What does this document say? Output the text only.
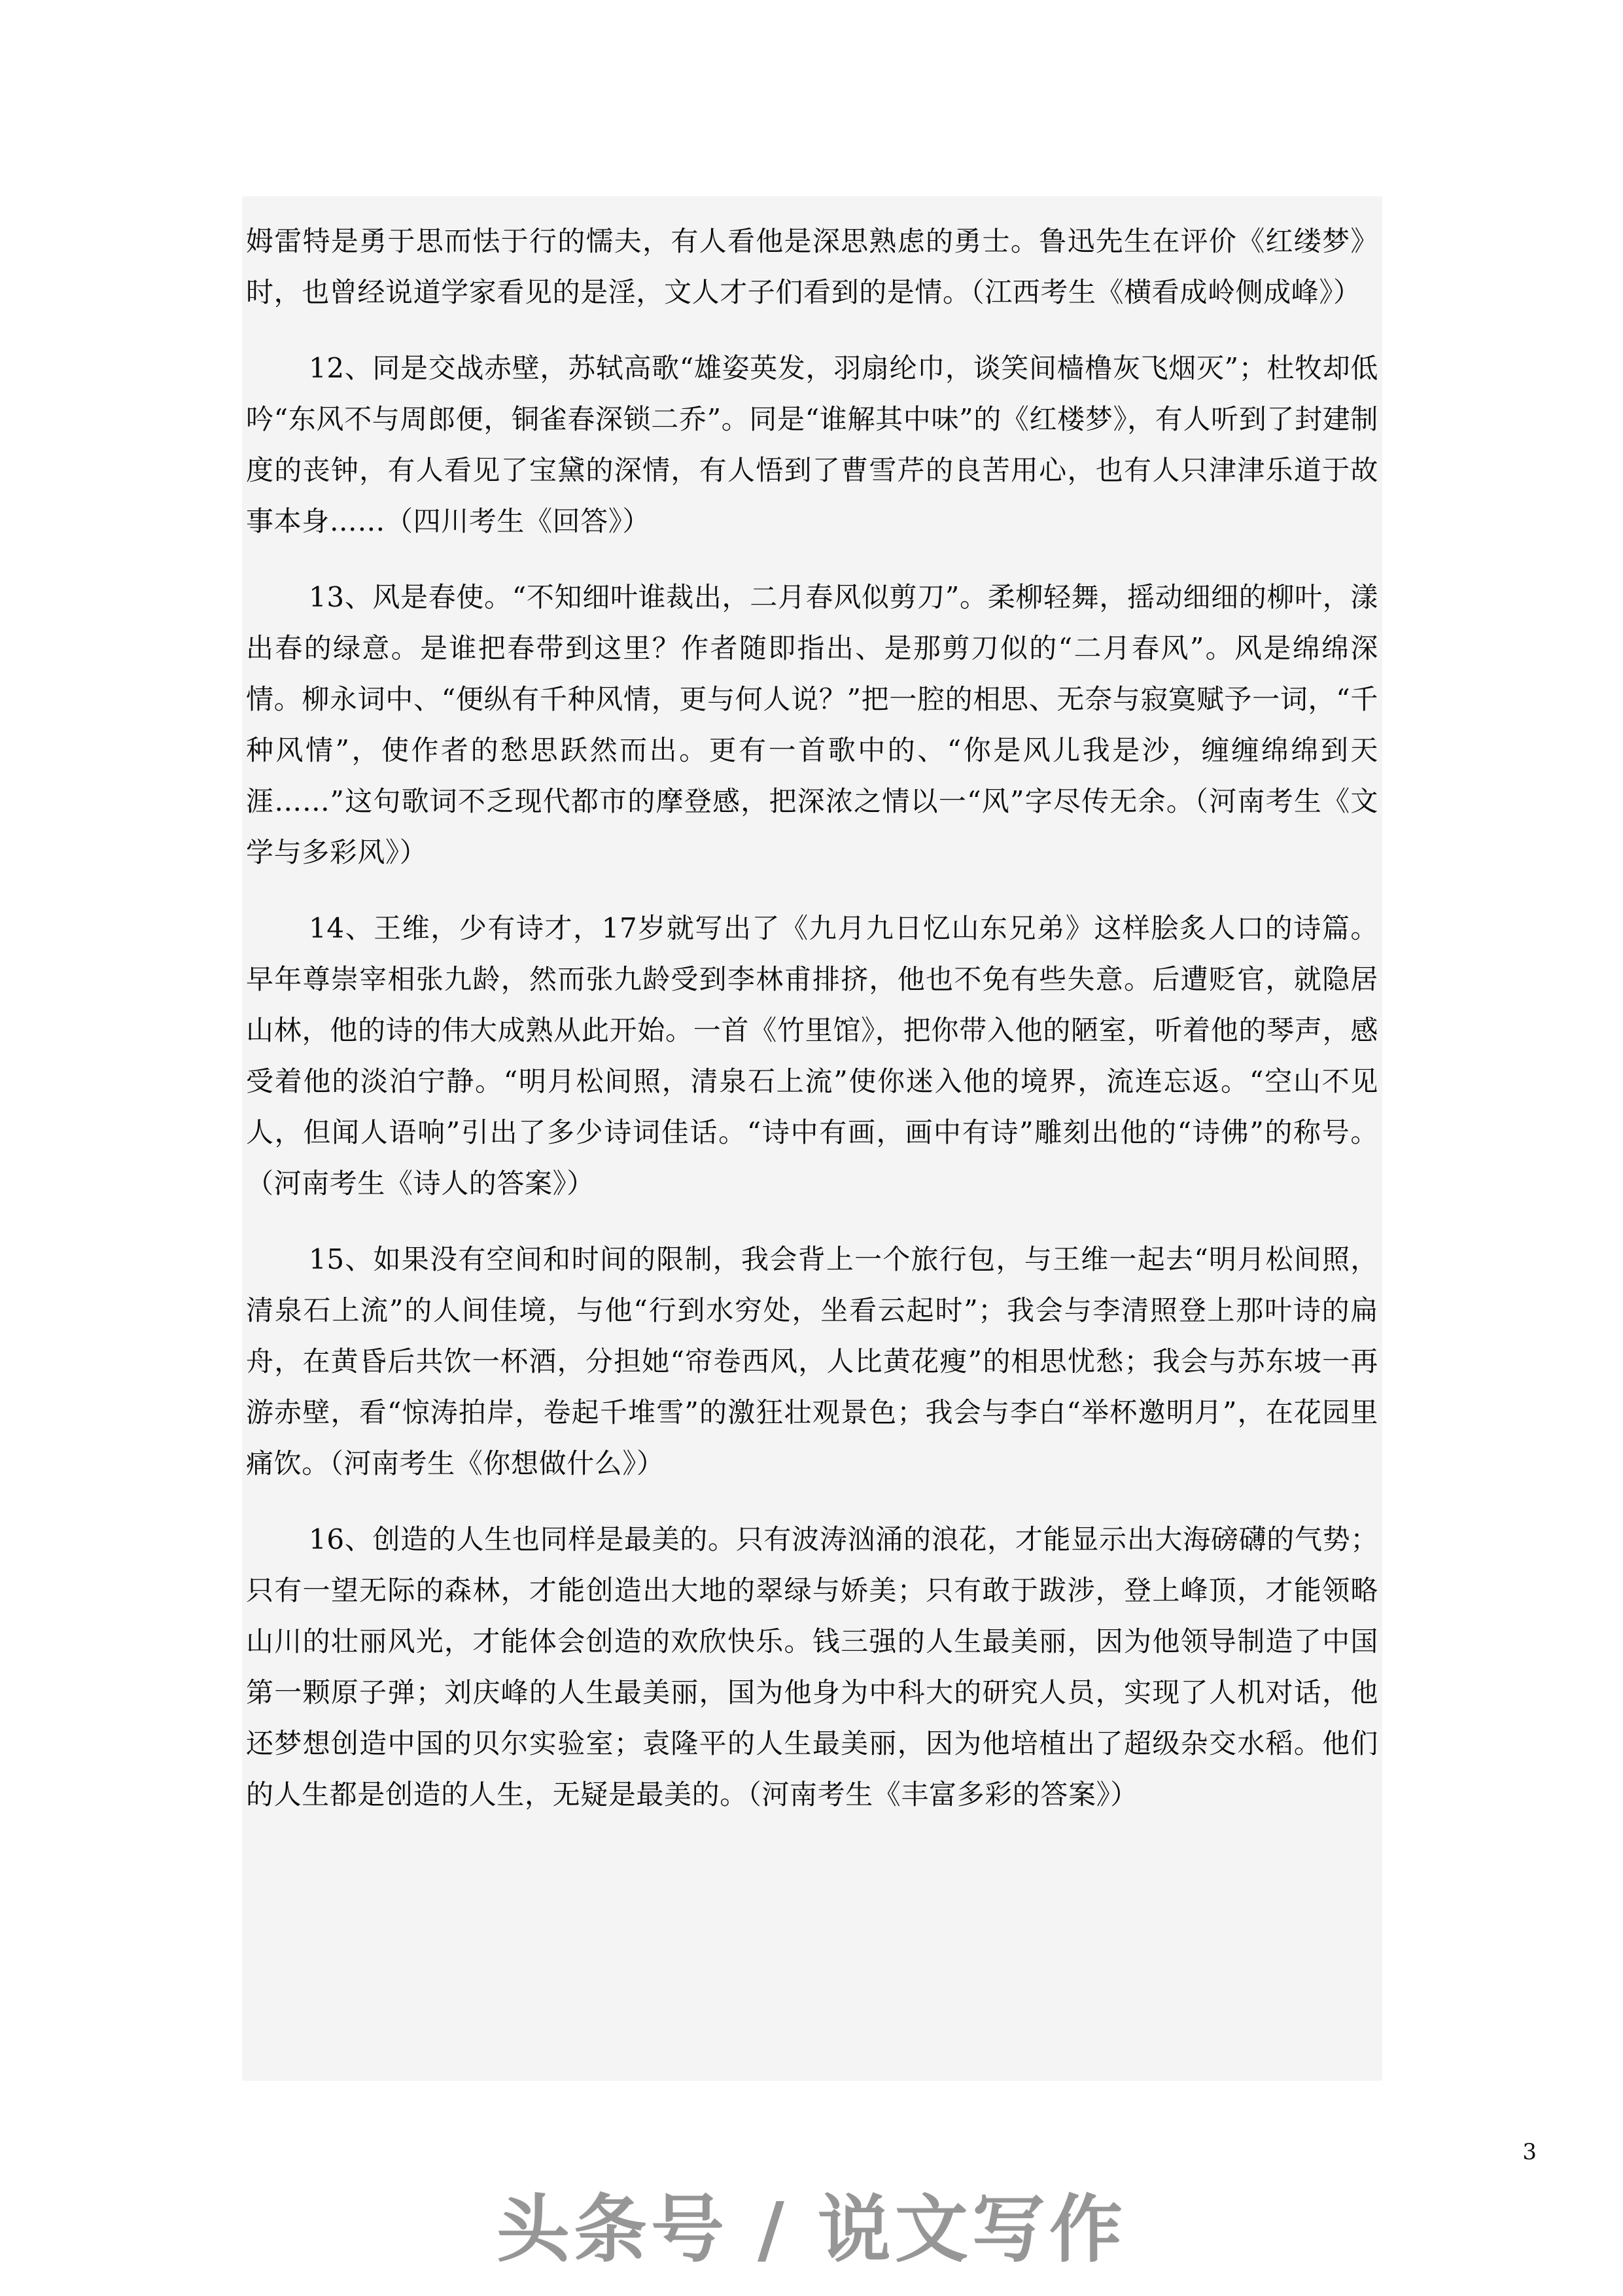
姆雷特是勇于思而怯于行的懦夫，有人看他是深思熟虑的勇士。鲁迅先生在评价《红缕梦》时，也曾经说道学家看见的是淫，文人才子们看到的是情。（江西考生《横看成岭侧成峰》）

12、同是交战赤壁，苏轼高歌“雄姿英发，羽扇纶巾，谈笑间樯橹灰飞烟灭”；杜牧却低吟“东风不与周郎便，铜雀春深锁二乔”。同是“谁解其中味”的《红楼梦》，有人听到了封建制度的丧钟，有人看见了宝黛的深情，有人悟到了曹雪芹的良苦用心，也有人只津津乐道于故事本身……（四川考生《回答》）

13、风是春使。“不知细叶谁裁出，二月春风似剪刀”。柔柳轻舞，摇动细细的柳叶，漾出春的绿意。是谁把春带到这里？作者随即指出、是那剪刀似的“二月春风”。风是绵绵深情。柳永词中、“便纵有千种风情，更与何人说？”把一腔的相思、无奈与寂寞赋予一词，“千种风情”，使作者的愁思跃然而出。更有一首歌中的、“你是风儿我是沙，缠缠绵绵到天涯……”这句歌词不乏现代都市的摩登感，把深浓之情以一“风”字尽传无余。（河南考生《文学与多彩风》）

14、王维，少有诗才，17岁就写出了《九月九日忆山东兄弟》这样脍炙人口的诗篇。早年尊崇宰相张九龄，然而张九龄受到李林甫排挤，他也不免有些失意。后遭贬官，就隐居山林，他的诗的伟大成熟从此开始。一首《竹里馆》，把你带入他的陋室，听着他的琴声，感受着他的淡泊宁静。“明月松间照，清泉石上流”使你迷入他的境界，流连忘返。“空山不见人，但闻人语响”引出了多少诗词佳话。“诗中有画，画中有诗”雕刻出他的“诗佛”的称号。（河南考生《诗人的答案》）

15、如果没有空间和时间的限制，我会背上一个旅行包，与王维一起去“明月松间照，清泉石上流”的人间佳境，与他“行到水穷处，坐看云起时”；我会与李清照登上那叶诗的扁舟，在黄昏后共饮一杯酒，分担她“帘卷西风，人比黄花瘦”的相思忧愁；我会与苏东坡一再游赤壁，看“惊涛拍岸，卷起千堆雪”的激狂壮观景色；我会与李白“举杯邀明月”，在花园里痛饮。（河南考生《你想做什么》）

16、创造的人生也同样是最美的。只有波涛汹涌的浪花，才能显示出大海磅礴的气势；只有一望无际的森林，才能创造出大地的翠绿与娇美；只有敢于跋涉，登上峰顶，才能领略山川的壮丽风光，才能体会创造的欢欣快乐。钱三强的人生最美丽，因为他领导制造了中国第一颗原子弹；刘庆峰的人生最美丽，国为他身为中科大的研究人员，实现了人机对话，他还梦想创造中国的贝尔实验室；袁隆平的人生最美丽，因为他培植出了超级杂交水稻。他们的人生都是创造的人生，无疑是最美的。（河南考生《丰富多彩的答案》）

3
头条号 / 说文写作
